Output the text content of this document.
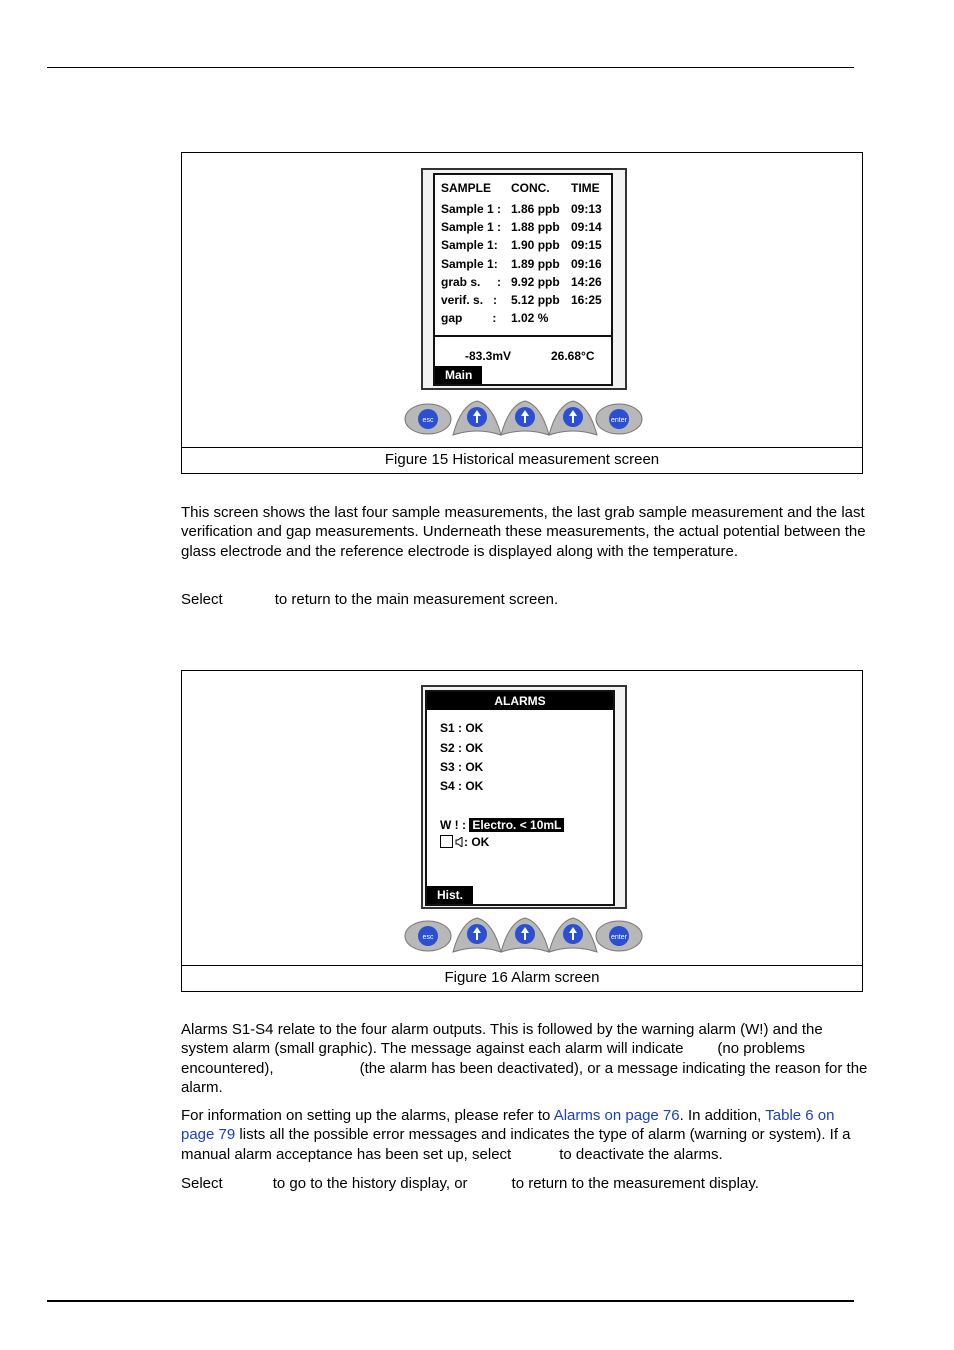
SAMPLE CONC. TIME
Sample 1 : 1.86 ppb 09:13
Sample 1 : 1.88 ppb 09:14
Sample 1: 1.90 ppb 09:15
Sample 1: 1.89 ppb 09:16
grab s.     : 9.92 ppb 14:26
verif. s.   : 5.12 ppb 16:25
gap         : 1.02 %
-83.3mV	26.68°C
Main
esc	enter
Figure 15 Historical measurement screen
This screen shows the last four sample measurements, the last grab sample measurement and the last verification and gap measurements. Underneath these measurements, the actual potential between the glass electrode and the reference electrode is displayed along with the temperature.
Select	to return to the main measurement screen.
ALARMS
S1 : OK
S2 : OK
S3 : OK
S4 : OK
W ! : Electro. < 10mL
: OK
Hist.
esc	enter
Figure 16 Alarm screen
Alarms S1-S4 relate to the four alarm outputs. This is followed by the warning alarm (W!) and the system alarm (small graphic). The message against each alarm will indicate (no problems encountered),	(the alarm has been deactivated), or a message indicating the reason for the alarm.
For information on setting up the alarms, please refer to Alarms on page 76. In addition, Table 6 on page 79 lists all the possible error messages and indicates the type of alarm (warning or system). If a manual alarm acceptance has been set up, select	to deactivate the alarms.
Select	to go to the history display, or	to return to the measurement display.
